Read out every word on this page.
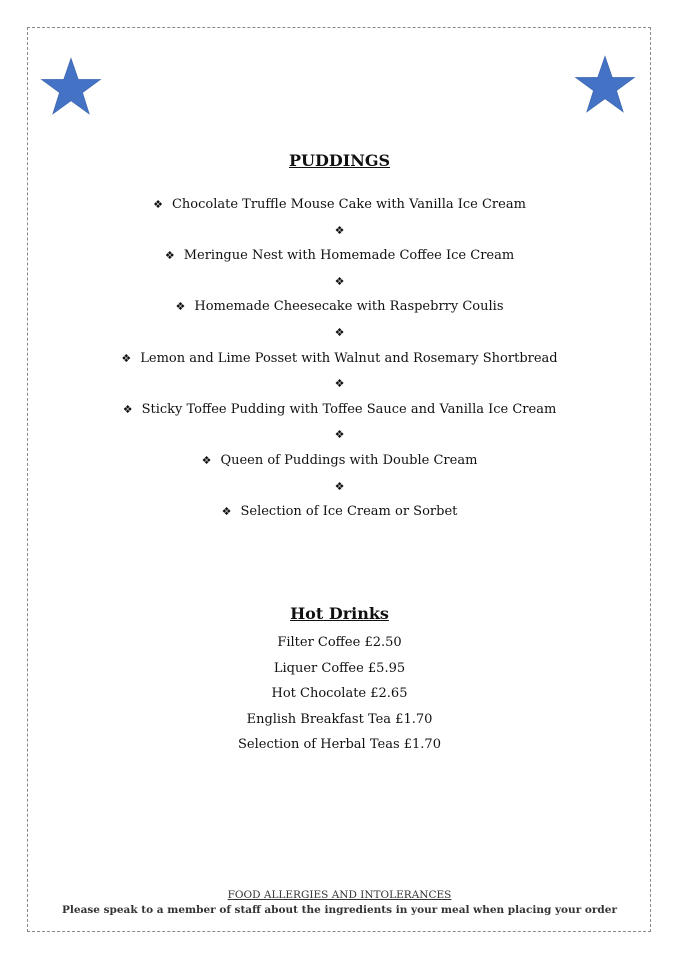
PUDDINGS
❖ Chocolate Truffle Mouse Cake with Vanilla Ice Cream
❖
❖ Meringue Nest with Homemade Coffee Ice Cream
❖
❖ Homemade Cheesecake with Raspebrry Coulis
❖
❖ Lemon and Lime Posset with Walnut and Rosemary Shortbread
❖
❖ Sticky Toffee Pudding with Toffee Sauce and Vanilla Ice Cream
❖
❖ Queen of Puddings with Double Cream
❖
❖ Selection of Ice Cream or Sorbet
Hot Drinks
Filter Coffee £2.50
Liquer Coffee £5.95
Hot Chocolate £2.65
English Breakfast Tea £1.70
Selection of Herbal Teas £1.70
FOOD ALLERGIES AND INTOLERANCES
Please speak to a member of staff about the ingredients in your meal when placing your order
